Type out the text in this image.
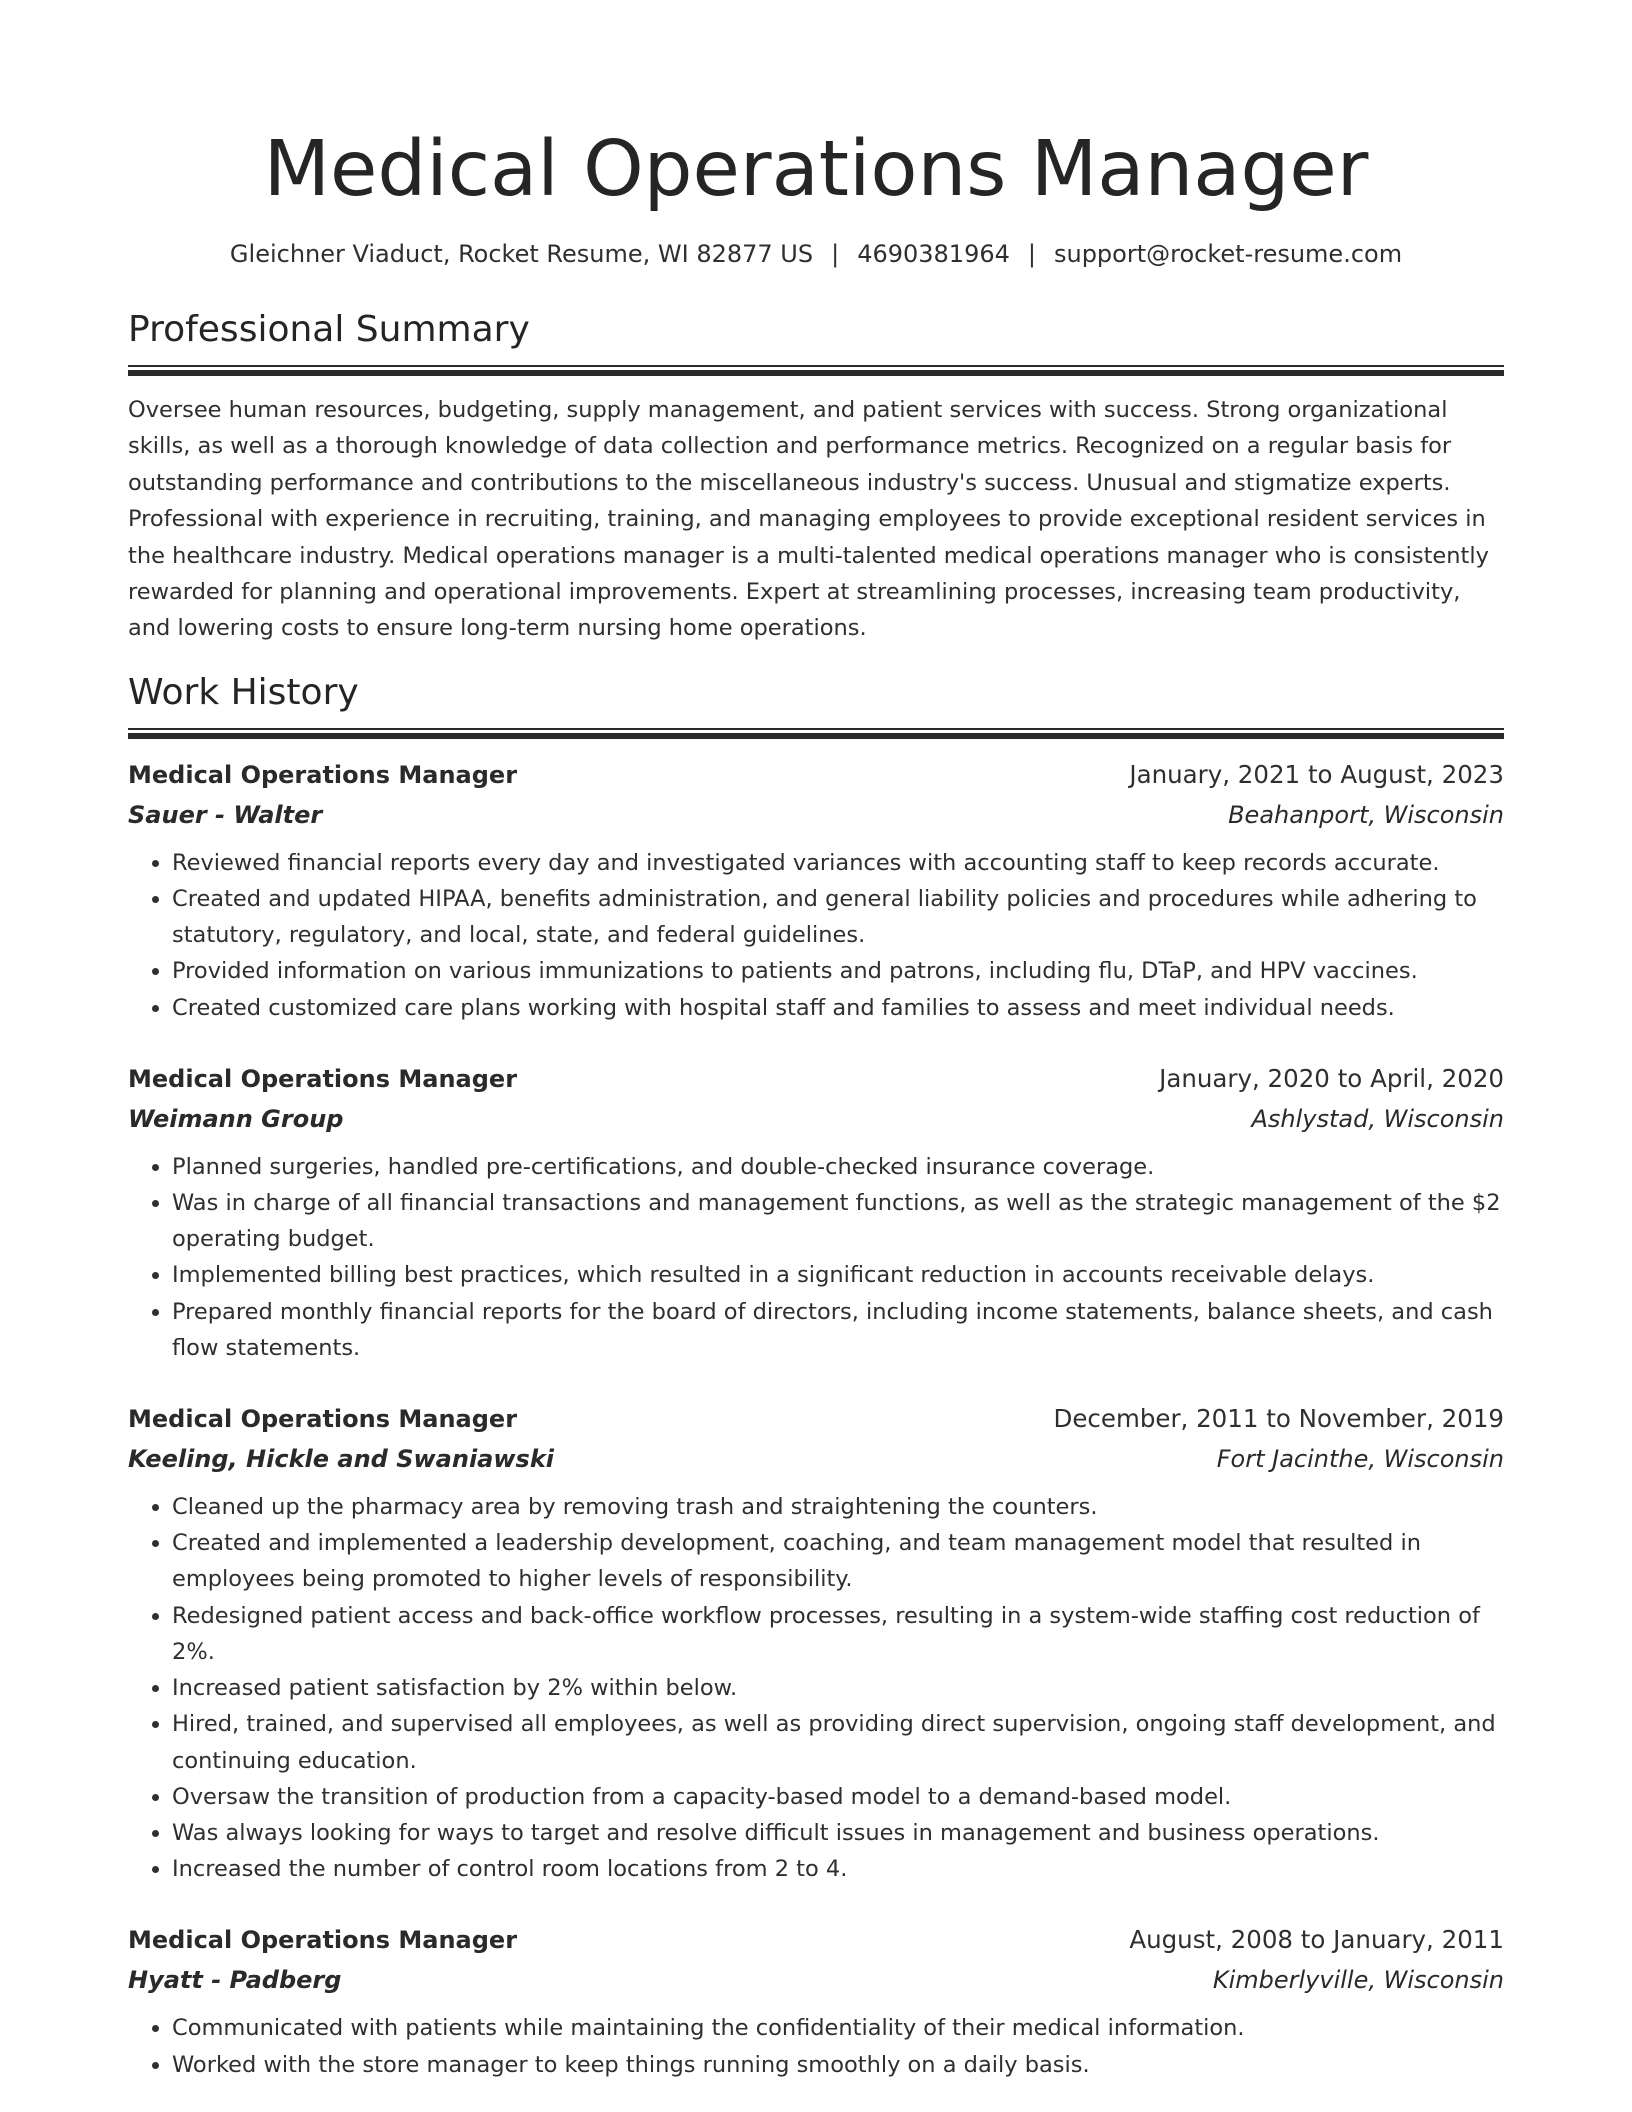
Medical Operations Manager
Gleichner Viaduct, Rocket Resume, WI 82877 US | 4690381964 | support@rocket-resume.com
Professional Summary

Oversee human resources, budgeting, supply management, and patient services with success. Strong organizational skills, as well as a thorough knowledge of data collection and performance metrics. Recognized on a regular basis for outstanding performance and contributions to the miscellaneous industry's success. Unusual and stigmatize experts. Professional with experience in recruiting, training, and managing employees to provide exceptional resident services in the healthcare industry. Medical operations manager is a multi-talented medical operations manager who is consistently rewarded for planning and operational improvements. Expert at streamlining processes, increasing team productivity, and lowering costs to ensure long-term nursing home operations.

Work History
Medical Operations Manager	January, 2021 to August, 2023
Sauer - Walter	Beahanport, Wisconsin
• Reviewed financial reports every day and investigated variances with accounting staff to keep records accurate.
• Created and updated HIPAA, benefits administration, and general liability policies and procedures while adhering to statutory, regulatory, and local, state, and federal guidelines.
• Provided information on various immunizations to patients and patrons, including flu, DTaP, and HPV vaccines.
• Created customized care plans working with hospital staff and families to assess and meet individual needs.
Medical Operations Manager	January, 2020 to April, 2020
Weimann Group	Ashlystad, Wisconsin
• Planned surgeries, handled pre-certifications, and double-checked insurance coverage.
• Was in charge of all financial transactions and management functions, as well as the strategic management of the $2 operating budget.
• Implemented billing best practices, which resulted in a significant reduction in accounts receivable delays.
• Prepared monthly financial reports for the board of directors, including income statements, balance sheets, and cash flow statements.
Medical Operations Manager	December, 2011 to November, 2019
Keeling, Hickle and Swaniawski	Fort Jacinthe, Wisconsin
• Cleaned up the pharmacy area by removing trash and straightening the counters.
• Created and implemented a leadership development, coaching, and team management model that resulted in employees being promoted to higher levels of responsibility.
• Redesigned patient access and back-office workflow processes, resulting in a system-wide staffing cost reduction of 2%.
• Increased patient satisfaction by 2% within below.
• Hired, trained, and supervised all employees, as well as providing direct supervision, ongoing staff development, and continuing education.
• Oversaw the transition of production from a capacity-based model to a demand-based model.
• Was always looking for ways to target and resolve difficult issues in management and business operations.
• Increased the number of control room locations from 2 to 4.
Medical Operations Manager	August, 2008 to January, 2011
Hyatt - Padberg	Kimberlyville, Wisconsin
• Communicated with patients while maintaining the confidentiality of their medical information.
• Worked with the store manager to keep things running smoothly on a daily basis.
